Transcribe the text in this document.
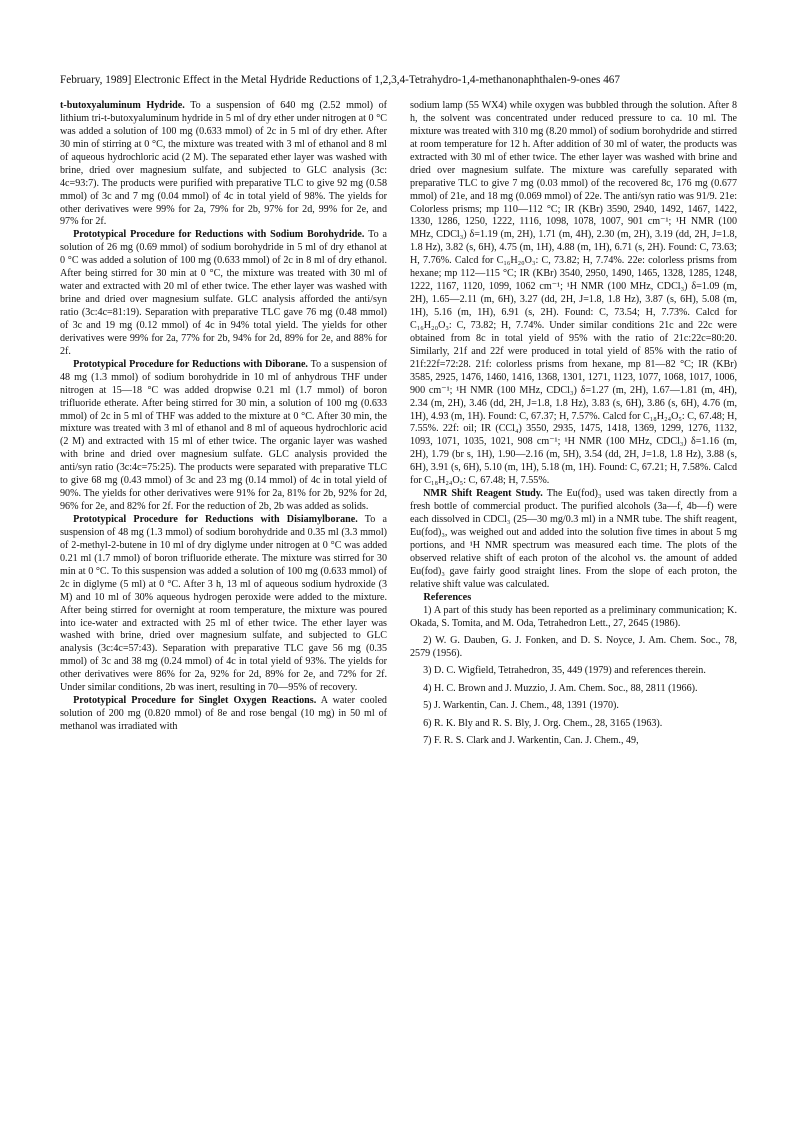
February, 1989] Electronic Effect in the Metal Hydride Reductions of 1,2,3,4-Tetrahydro-1,4-methanonaphthalen-9-ones 467

t-butoxyaluminum Hydride. To a suspension of 640 mg (2.52 mmol) of lithium tri-t-butoxyaluminum hydride in 5 ml of dry ether under nitrogen at 0 °C was added a solution of 100 mg (0.633 mmol) of 2c in 5 ml of dry ether. After 30 min of stirring at 0 °C, the mixture was treated with 3 ml of ethanol and 8 ml of aqueous hydrochloric acid (2 M). The separated ether layer was washed with brine, dried over magnesium sulfate, and subjected to GLC analysis (3c: 4c=93:7). The products were purified with preparative TLC to give 92 mg (0.58 mmol) of 3c and 7 mg (0.04 mmol) of 4c in total yield of 98%. The yields for other derivatives were 99% for 2a, 79% for 2b, 97% for 2d, 99% for 2e, and 97% for 2f.

Prototypical Procedure for Reductions with Sodium Borohydride. To a solution of 26 mg (0.69 mmol) of sodium borohydride in 5 ml of dry ethanol at 0 °C was added a solution of 100 mg (0.633 mmol) of 2c in 8 ml of dry ethanol. After being stirred for 30 min at 0 °C, the mixture was treated with 30 ml of water and extracted with 20 ml of ether twice. The ether layer was washed with brine and dried over magnesium sulfate. GLC analysis afforded the anti/syn ratio (3c:4c=81:19). Separation with preparative TLC gave 76 mg (0.48 mmol) of 3c and 19 mg (0.12 mmol) of 4c in 94% total yield. The yields for other derivatives were 99% for 2a, 77% for 2b, 94% for 2d, 89% for 2e, and 88% for 2f.

Prototypical Procedure for Reductions with Diborane. To a suspension of 48 mg (1.3 mmol) of sodium borohydride in 10 ml of anhydrous THF under nitrogen at 15—18 °C was added dropwise 0.21 ml (1.7 mmol) of boron trifluoride etherate. After being stirred for 30 min, a solution of 100 mg (0.633 mmol) of 2c in 5 ml of THF was added to the mixture at 0 °C. After 30 min, the mixture was treated with 3 ml of ethanol and 8 ml of aqueous hydrochloric acid (2 M) and extracted with 15 ml of ether twice. The organic layer was washed with brine and dried over magnesium sulfate. GLC analysis provided the anti/syn ratio (3c:4c=75:25). The products were separated with preparative TLC to give 68 mg (0.43 mmol) of 3c and 23 mg (0.14 mmol) of 4c in total yield of 90%. The yields for other derivatives were 91% for 2a, 81% for 2b, 92% for 2d, 96% for 2e, and 82% for 2f. For the reduction of 2b, 2b was added as solids.

Prototypical Procedure for Reductions with Disiamylborane. To a suspension of 48 mg (1.3 mmol) of sodium borohydride and 0.35 ml (3.3 mmol) of 2-methyl-2-butene in 10 ml of dry diglyme under nitrogen at 0 °C was added 0.21 ml (1.7 mmol) of boron trifluoride etherate. The mixture was stirred for 30 min at 0 °C. To this suspension was added a solution of 100 mg (0.633 mmol) of 2c in diglyme (5 ml) at 0 °C. After 3 h, 13 ml of aqueous sodium hydroxide (3 M) and 10 ml of 30% aqueous hydrogen peroxide were added to the mixture. After being stirred for overnight at room temperature, the mixture was poured into ice-water and extracted with 25 ml of ether twice. The ether layer was washed with brine, dried over magnesium sulfate, and subjected to GLC analysis (3c:4c=57:43). Separation with preparative TLC gave 56 mg (0.35 mmol) of 3c and 38 mg (0.24 mmol) of 4c in total yield of 93%. The yields for other derivatives were 86% for 2a, 92% for 2d, 89% for 2e, and 72% for 2f. Under similar conditions, 2b was inert, resulting in 70—95% of recovery.

Prototypical Procedure for Singlet Oxygen Reactions. A water cooled solution of 200 mg (0.820 mmol) of 8e and rose bengal (10 mg) in 50 ml of methanol was irradiated with

sodium lamp (55 WX4) while oxygen was bubbled through the solution. After 8 h, the solvent was concentrated under reduced pressure to ca. 10 ml. The mixture was treated with 310 mg (8.20 mmol) of sodium borohydride and stirred at room temperature for 12 h. After addition of 30 ml of water, the products was extracted with 30 ml of ether twice. The ether layer was washed with brine and dried over magnesium sulfate. The mixture was carefully separated with preparative TLC to give 7 mg (0.03 mmol) of the recovered 8c, 176 mg (0.677 mmol) of 21e, and 18 mg (0.069 mmol) of 22e. The anti/syn ratio was 91/9. 21e: Colorless prisms; mp 110—112 °C; IR (KBr) 3590, 2940, 1492, 1467, 1422, 1330, 1286, 1250, 1222, 1116, 1098, 1078, 1007, 901 cm⁻¹; ¹H NMR (100 MHz, CDCl₃) δ=1.19 (m, 2H), 1.71 (m, 4H), 2.30 (m, 2H), 3.19 (dd, 2H, J=1.8, 1.8 Hz), 3.82 (s, 6H), 4.75 (m, 1H), 4.88 (m, 1H), 6.71 (s, 2H). Found: C, 73.63; H, 7.76%. Calcd for C₁₆H₂₀O₃: C, 73.82; H, 7.74%. 22e: colorless prisms from hexane; mp 112—115 °C; IR (KBr) 3540, 2950, 1490, 1465, 1328, 1285, 1248, 1222, 1167, 1120, 1099, 1062 cm⁻¹; ¹H NMR (100 MHz, CDCl₃) δ=1.09 (m, 2H), 1.65—2.11 (m, 6H), 3.27 (dd, 2H, J=1.8, 1.8 Hz), 3.87 (s, 6H), 5.08 (m, 1H), 5.16 (m, 1H), 6.91 (s, 2H). Found: C, 73.54; H, 7.73%. Calcd for C₁₆H₂₀O₃: C, 73.82; H, 7.74%. Under similar conditions 21c and 22c were obtained from 8c in total yield of 95% with the ratio of 21c:22c=80:20. Similarly, 21f and 22f were produced in total yield of 85% with the ratio of 21f:22f=72:28. 21f: colorless prisms from hexane, mp 81—82 °C; IR (KBr) 3585, 2925, 1476, 1460, 1416, 1368, 1301, 1271, 1123, 1077, 1068, 1017, 1006, 900 cm⁻¹; ¹H NMR (100 MHz, CDCl₃) δ=1.27 (m, 2H), 1.67—1.81 (m, 4H), 2.34 (m, 2H), 3.46 (dd, 2H, J=1.8, 1.8 Hz), 3.83 (s, 6H), 3.86 (s, 6H), 4.76 (m, 1H), 4.93 (m, 1H). Found: C, 67.37; H, 7.57%. Calcd for C₁₈H₂₄O₅: C, 67.48; H, 7.55%. 22f: oil; IR (CCl₄) 3550, 2935, 1475, 1418, 1369, 1299, 1276, 1132, 1093, 1071, 1035, 1021, 908 cm⁻¹; ¹H NMR (100 MHz, CDCl₃) δ=1.16 (m, 2H), 1.79 (br s, 1H), 1.90—2.16 (m, 5H), 3.54 (dd, 2H, J=1.8, 1.8 Hz), 3.88 (s, 6H), 3.91 (s, 6H), 5.10 (m, 1H), 5.18 (m, 1H). Found: C, 67.21; H, 7.58%. Calcd for C₁₈H₂₄O₅: C, 67.48; H, 7.55%.

NMR Shift Reagent Study. The Eu(fod)₃ used was taken directly from a fresh bottle of commercial product. The purified alcohols (3a—f, 4b—f) were each dissolved in CDCl₃ (25—30 mg/0.3 ml) in a NMR tube. The shift reagent, Eu(fod)₃, was weighed out and added into the solution five times in about 5 mg portions, and ¹H NMR spectrum was measured each time. The plots of the observed relative shift of each proton of the alcohol vs. the amount of added Eu(fod)₃ gave fairly good straight lines. From the slope of each proton, the relative shift value was calculated.

References

1) A part of this study has been reported as a preliminary communication; K. Okada, S. Tomita, and M. Oda, Tetrahedron Lett., 27, 2645 (1986).
2) W. G. Dauben, G. J. Fonken, and D. S. Noyce, J. Am. Chem. Soc., 78, 2579 (1956).
3) D. C. Wigfield, Tetrahedron, 35, 449 (1979) and references therein.
4) H. C. Brown and J. Muzzio, J. Am. Chem. Soc., 88, 2811 (1966).
5) J. Warkentin, Can. J. Chem., 48, 1391 (1970).
6) R. K. Bly and R. S. Bly, J. Org. Chem., 28, 3165 (1963).
7) F. R. S. Clark and J. Warkentin, Can. J. Chem., 49,
